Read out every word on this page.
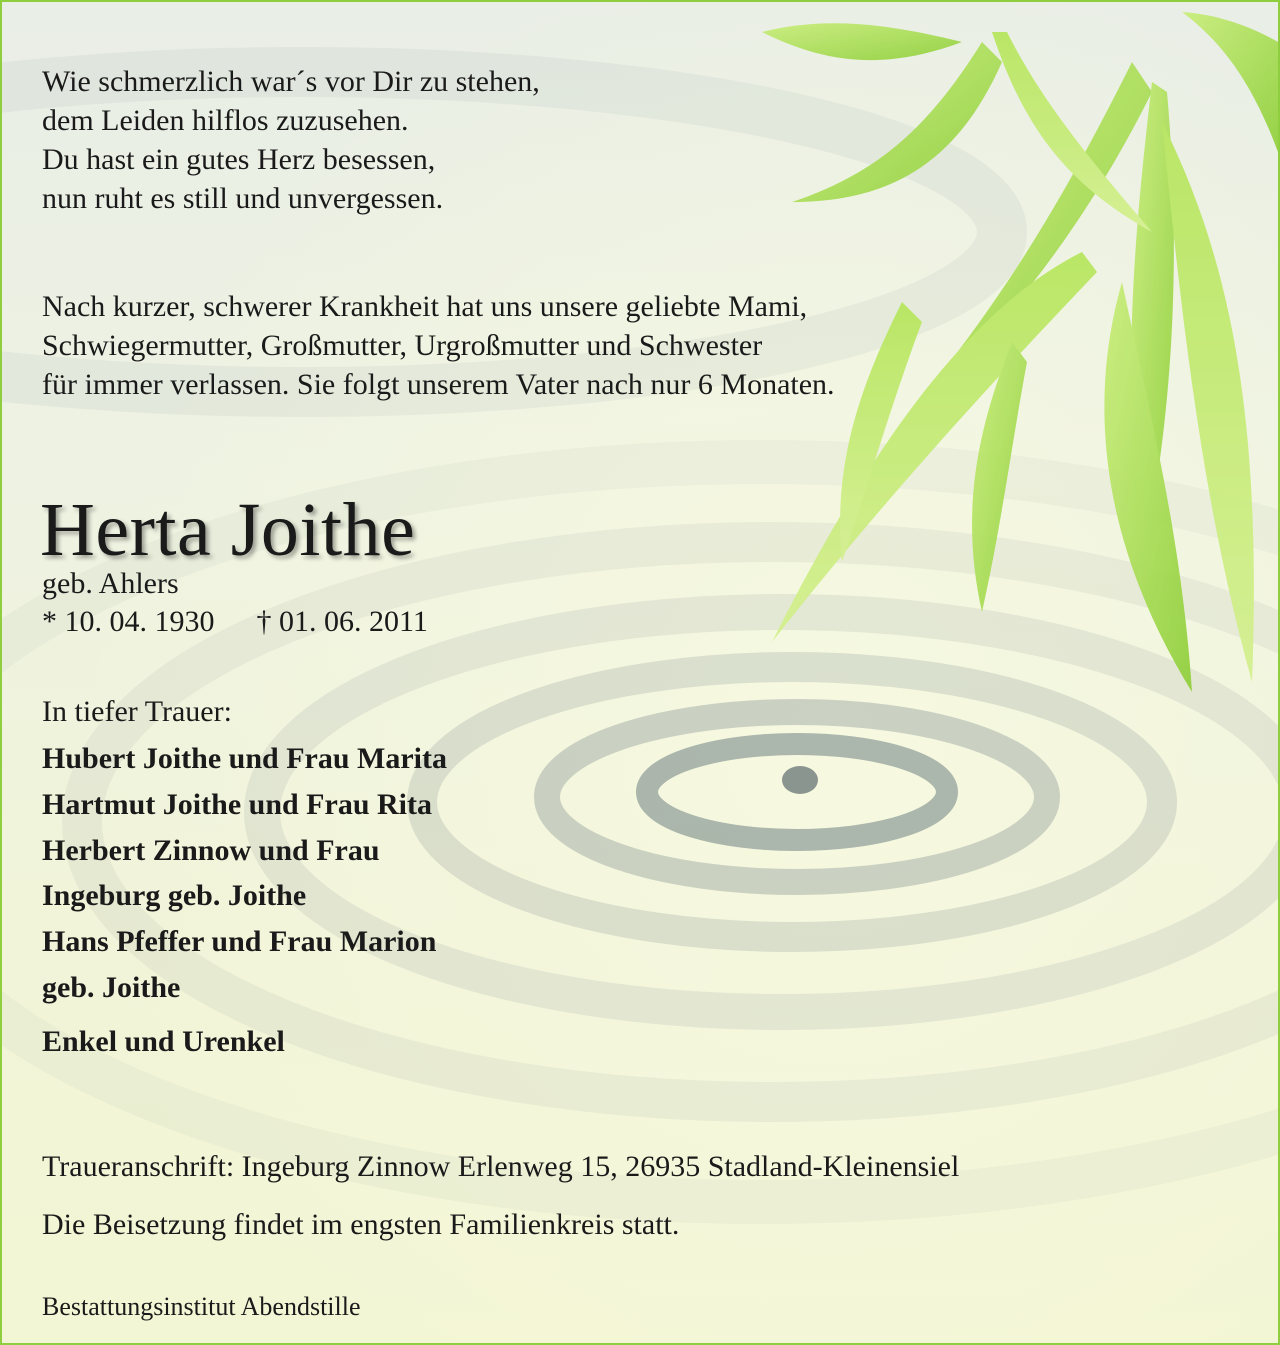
Wie schmerzlich war´s vor Dir zu stehen,
dem Leiden hilflos zuzusehen.
Du hast ein gutes Herz besessen,
nun ruht es still und unvergessen.

Nach kurzer, schwerer Krankheit hat uns unsere geliebte Mami,
Schwiegermutter, Großmutter, Urgroßmutter und Schwester
für immer verlassen. Sie folgt unserem Vater nach nur 6 Monaten.

Herta Joithe
geb. Ahlers
* 10. 04. 1930 † 01. 06. 2011
In tiefer Trauer:
Hubert Joithe und Frau Marita
Hartmut Joithe und Frau Rita
Herbert Zinnow und Frau
Ingeburg geb. Joithe
Hans Pfeffer und Frau Marion
geb. Joithe
Enkel und Urenkel
Traueranschrift: Ingeburg Zinnow Erlenweg 15, 26935 Stadland-Kleinensiel
Die Beisetzung findet im engsten Familienkreis statt.
Bestattungsinstitut Abendstille
